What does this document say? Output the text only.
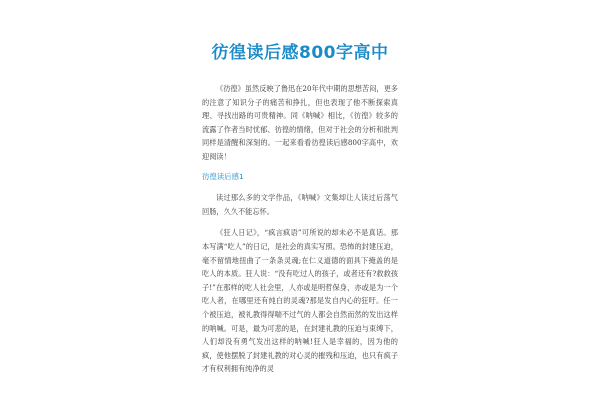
彷徨读后感800字高中

《彷徨》虽然反映了鲁迅在20年代中期的思想苦闷，更多的注意了知识分子的痛苦和挣扎，但也表现了他不断探索真理、寻找出路的可贵精神。同《呐喊》相比，《彷徨》较多的流露了作者当时忧郁、彷徨的情绪，但对于社会的分析和批判同样是清醒和深刻的。一起来看看彷徨读后感800字高中，欢迎阅读！

彷徨读后感1

读过那么多的文学作品，《呐喊》文集却让人读过后荡气回肠，久久不能忘怀。

《狂人日记》，“疯言疯语”可所说的却未必不是真话。那本写满“吃人”的日记，是社会的真实写照。恐怖的封建压迫，毫不留情地扭曲了一条条灵魂;在仁义道德的面具下掩盖的是吃人的本质。狂人说：“没有吃过人的孩子，或者还有?救救孩子!”在那样的吃人社会里，人亦或是明哲保身，亦或是为一个吃人者，在哪里还有纯白的灵魂?那是发自内心的狂吁。任一个被压迫，被礼教得得喘不过气的人都会自然而然的发出这样的呐喊。可是，最为可悲的是，在封建礼教的压迫与束缚下，人们却没有勇气发出这样的呐喊!狂人是幸福的，因为他的疯，使他摆脱了封建礼教的对心灵的摧残和压迫，也只有疯子才有权利拥有纯净的灵
